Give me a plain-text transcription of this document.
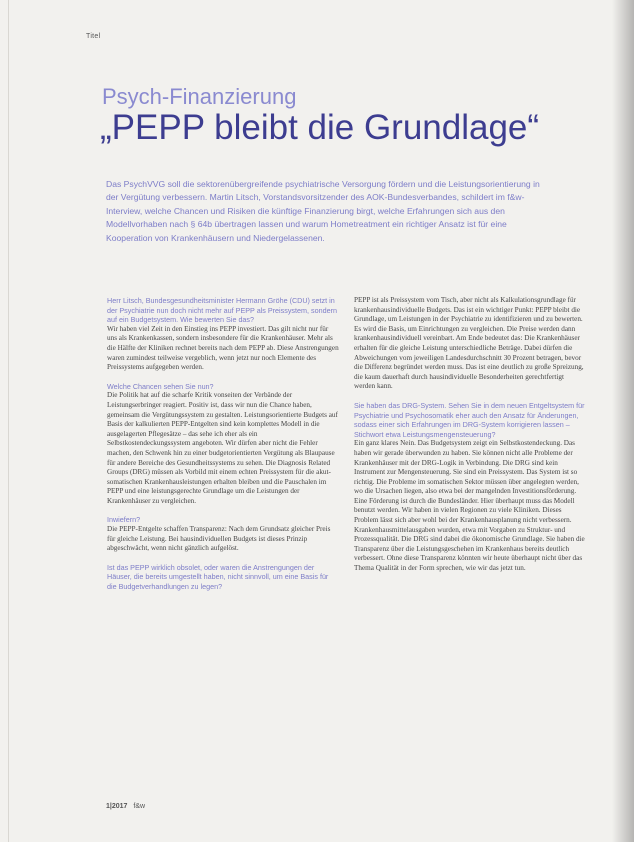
Titel
Psych-Finanzierung
„PEPP bleibt die Grundlage“
Das PsychVVG soll die sektorenübergreifende psychiatrische Versorgung fördern und die Leistungsorientierung in der Vergütung verbessern. Martin Litsch, Vorstandsvorsitzender des AOK-Bundesverbandes, schildert im f&w-Interview, welche Chancen und Risiken die künftige Finanzierung birgt, welche Erfahrungen sich aus den Modellvorhaben nach § 64b übertragen lassen und warum Hometreatment ein richtiger Ansatz ist für eine Kooperation von Krankenhäusern und Niedergelassenen.

Herr Litsch, Bundesgesundheitsminister Hermann Gröhe (CDU) setzt in der Psychiatrie nun doch nicht mehr auf PEPP als Preissystem, sondern auf ein Budgetsystem. Wie bewerten Sie das?

Wir haben viel Zeit in den Einstieg ins PEPP investiert. Das gilt nicht nur für uns als Krankenkassen, sondern insbesondere für die Krankenhäuser. Mehr als die Hälfte der Kliniken rechnet bereits nach dem PEPP ab. Diese Anstrengungen waren zumindest teilweise vergeblich, wenn jetzt nur noch Elemente des Preissystems aufgegeben werden.

Welche Chancen sehen Sie nun?

Die Politik hat auf die scharfe Kritik vonseiten der Verbände der Leistungserbringer reagiert. Positiv ist, dass wir nun die Chance haben, gemeinsam die Vergütungssystem zu gestalten. Leistungsorientierte Budgets auf Basis der kalkulierten PEPP-Entgelten sind kein komplettes Modell in die ausgelagerten Pflegesätze – das sehe ich eher als ein Selbstkostendeckungssystem angeboten. Wir dürfen aber nicht die Fehler machen, den Schwenk hin zu einer budgetorientierten Vergütung als Blaupause für andere Bereiche des Gesundheitssystems zu sehen. Die Diagnosis Related Groups (DRG) müssen als Vorbild mit einem echten Preissystem für die akut-somatischen Krankenhausleistungen erhalten bleiben und die Pauschalen im PEPP und eine leistungsgerechte Grundlage um die Leistungen der Krankenhäuser zu vergleichen.

Inwiefern?

Die PEPP-Entgelte schaffen Transparenz: Nach dem Grundsatz gleicher Preis für gleiche Leistung. Bei hausindividuellen Budgets ist dieses Prinzip abgeschwächt, wenn nicht gänzlich aufgelöst.

Ist das PEPP wirklich obsolet, oder waren die Anstrengungen der Häuser, die bereits umgestellt haben, nicht sinnvoll, um eine Basis für die Budgetverhandlungen zu legen?

PEPP ist als Preissystem vom Tisch, aber nicht als Kalkulationsgrundlage für krankenhausindividuelle Budgets. Das ist ein wichtiger Punkt: PEPP bleibt die Grundlage, um Leistungen in der Psychiatrie zu identifizieren und zu bewerten. Es wird die Basis, um Einrichtungen zu vergleichen. Die Preise werden dann krankenhausindividuell vereinbart. Am Ende bedeutet das: Die Krankenhäuser erhalten für die gleiche Leistung unterschiedliche Beträge. Dabei dürfen die Abweichungen vom jeweiligen Landesdurchschnitt 30 Prozent betragen, bevor die Differenz begründet werden muss. Das ist eine deutlich zu große Spreizung, die kaum dauerhaft durch hausindividuelle Besonderheiten gerechtfertigt werden kann.

Sie haben das DRG-System. Sehen Sie in dem neuen Entgeltsystem für Psychiatrie und Psychosomatik eher auch den Ansatz für Änderungen, sodass einer sich Erfahrungen im DRG-System korrigieren lassen – Stichwort etwa Leistungsmengensteuerung?

Ein ganz klares Nein. Das Budgetsystem zeigt ein Selbstkostendeckung. Das haben wir gerade überwunden zu haben. Sie können nicht alle Probleme der Krankenhäuser mit der DRG-Logik in Verbindung. Die DRG sind kein Instrument zur Mengensteuerung. Sie sind ein Preissystem. Das System ist so richtig. Die Probleme im somatischen Sektor müssen über angelegten werden, wo die Ursachen liegen, also etwa bei der mangelnden Investitionsförderung. Eine Förderung ist durch die Bundesländer. Hier überhaupt muss das Modell benutzt werden. Wir haben in vielen Regionen zu viele Kliniken. Dieses Problem lässt sich aber wohl bei der Krankenhausplanung nicht verbessern. Krankenhausmittelausgaben wurden, etwa mit Vorgaben zu Struktur- und Prozessqualität. Die DRG sind dabei die ökonomische Grundlage. Sie haben die Transparenz über die Leistungsgeschehen im Krankenhaus bereits deutlich verbessert. Ohne diese Transparenz könnten wir heute überhaupt nicht über das Thema Qualität in der Form sprechen, wie wir das jetzt tun.

1|2017 f&w
